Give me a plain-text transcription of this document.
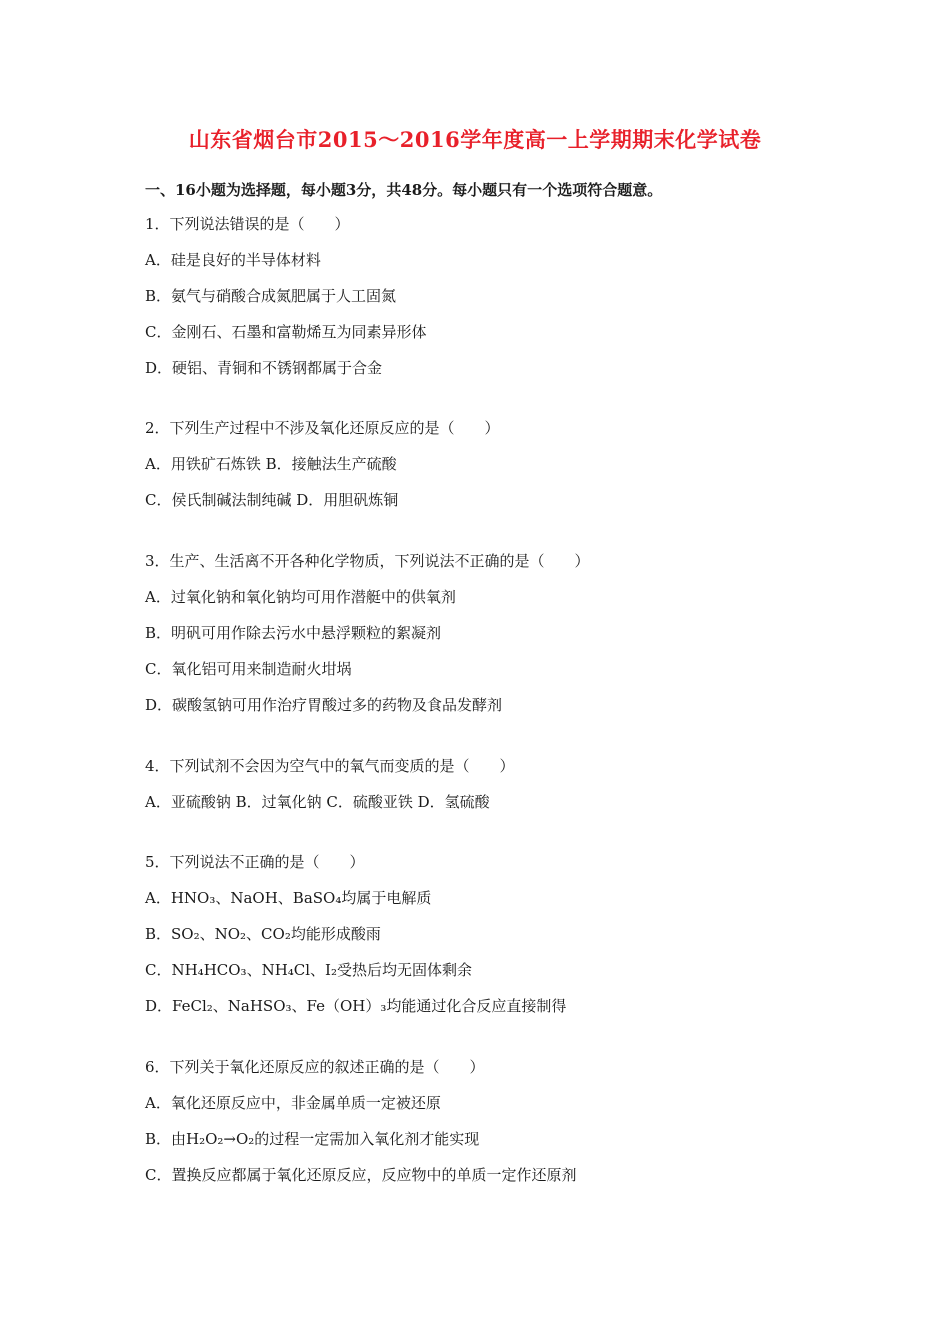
山东省烟台市2015～2016学年度高一上学期期末化学试卷
一、16小题为选择题，每小题3分，共48分。每小题只有一个选项符合题意。
1．下列说法错误的是（　　）
A．硅是良好的半导体材料
B．氨气与硝酸合成氮肥属于人工固氮
C．金刚石、石墨和富勒烯互为同素异形体
D．硬铝、青铜和不锈钢都属于合金
2．下列生产过程中不涉及氧化还原反应的是（　　）
A．用铁矿石炼铁 B．接触法生产硫酸
C．侯氏制碱法制纯碱 D．用胆矾炼铜
3．生产、生活离不开各种化学物质，下列说法不正确的是（　　）
A．过氧化钠和氧化钠均可用作潜艇中的供氧剂
B．明矾可用作除去污水中悬浮颗粒的絮凝剂
C．氧化铝可用来制造耐火坩埚
D．碳酸氢钠可用作治疗胃酸过多的药物及食品发酵剂
4．下列试剂不会因为空气中的氧气而变质的是（　　）
A．亚硫酸钠 B．过氧化钠 C．硫酸亚铁 D．氢硫酸
5．下列说法不正确的是（　　）
A．HNO₃、NaOH、BaSO₄均属于电解质
B．SO₂、NO₂、CO₂均能形成酸雨
C．NH₄HCO₃、NH₄Cl、I₂受热后均无固体剩余
D．FeCl₂、NaHSO₃、Fe（OH）₃均能通过化合反应直接制得
6．下列关于氧化还原反应的叙述正确的是（　　）
A．氧化还原反应中，非金属单质一定被还原
B．由H₂O₂→O₂的过程一定需加入氧化剂才能实现
C．置换反应都属于氧化还原反应，反应物中的单质一定作还原剂
